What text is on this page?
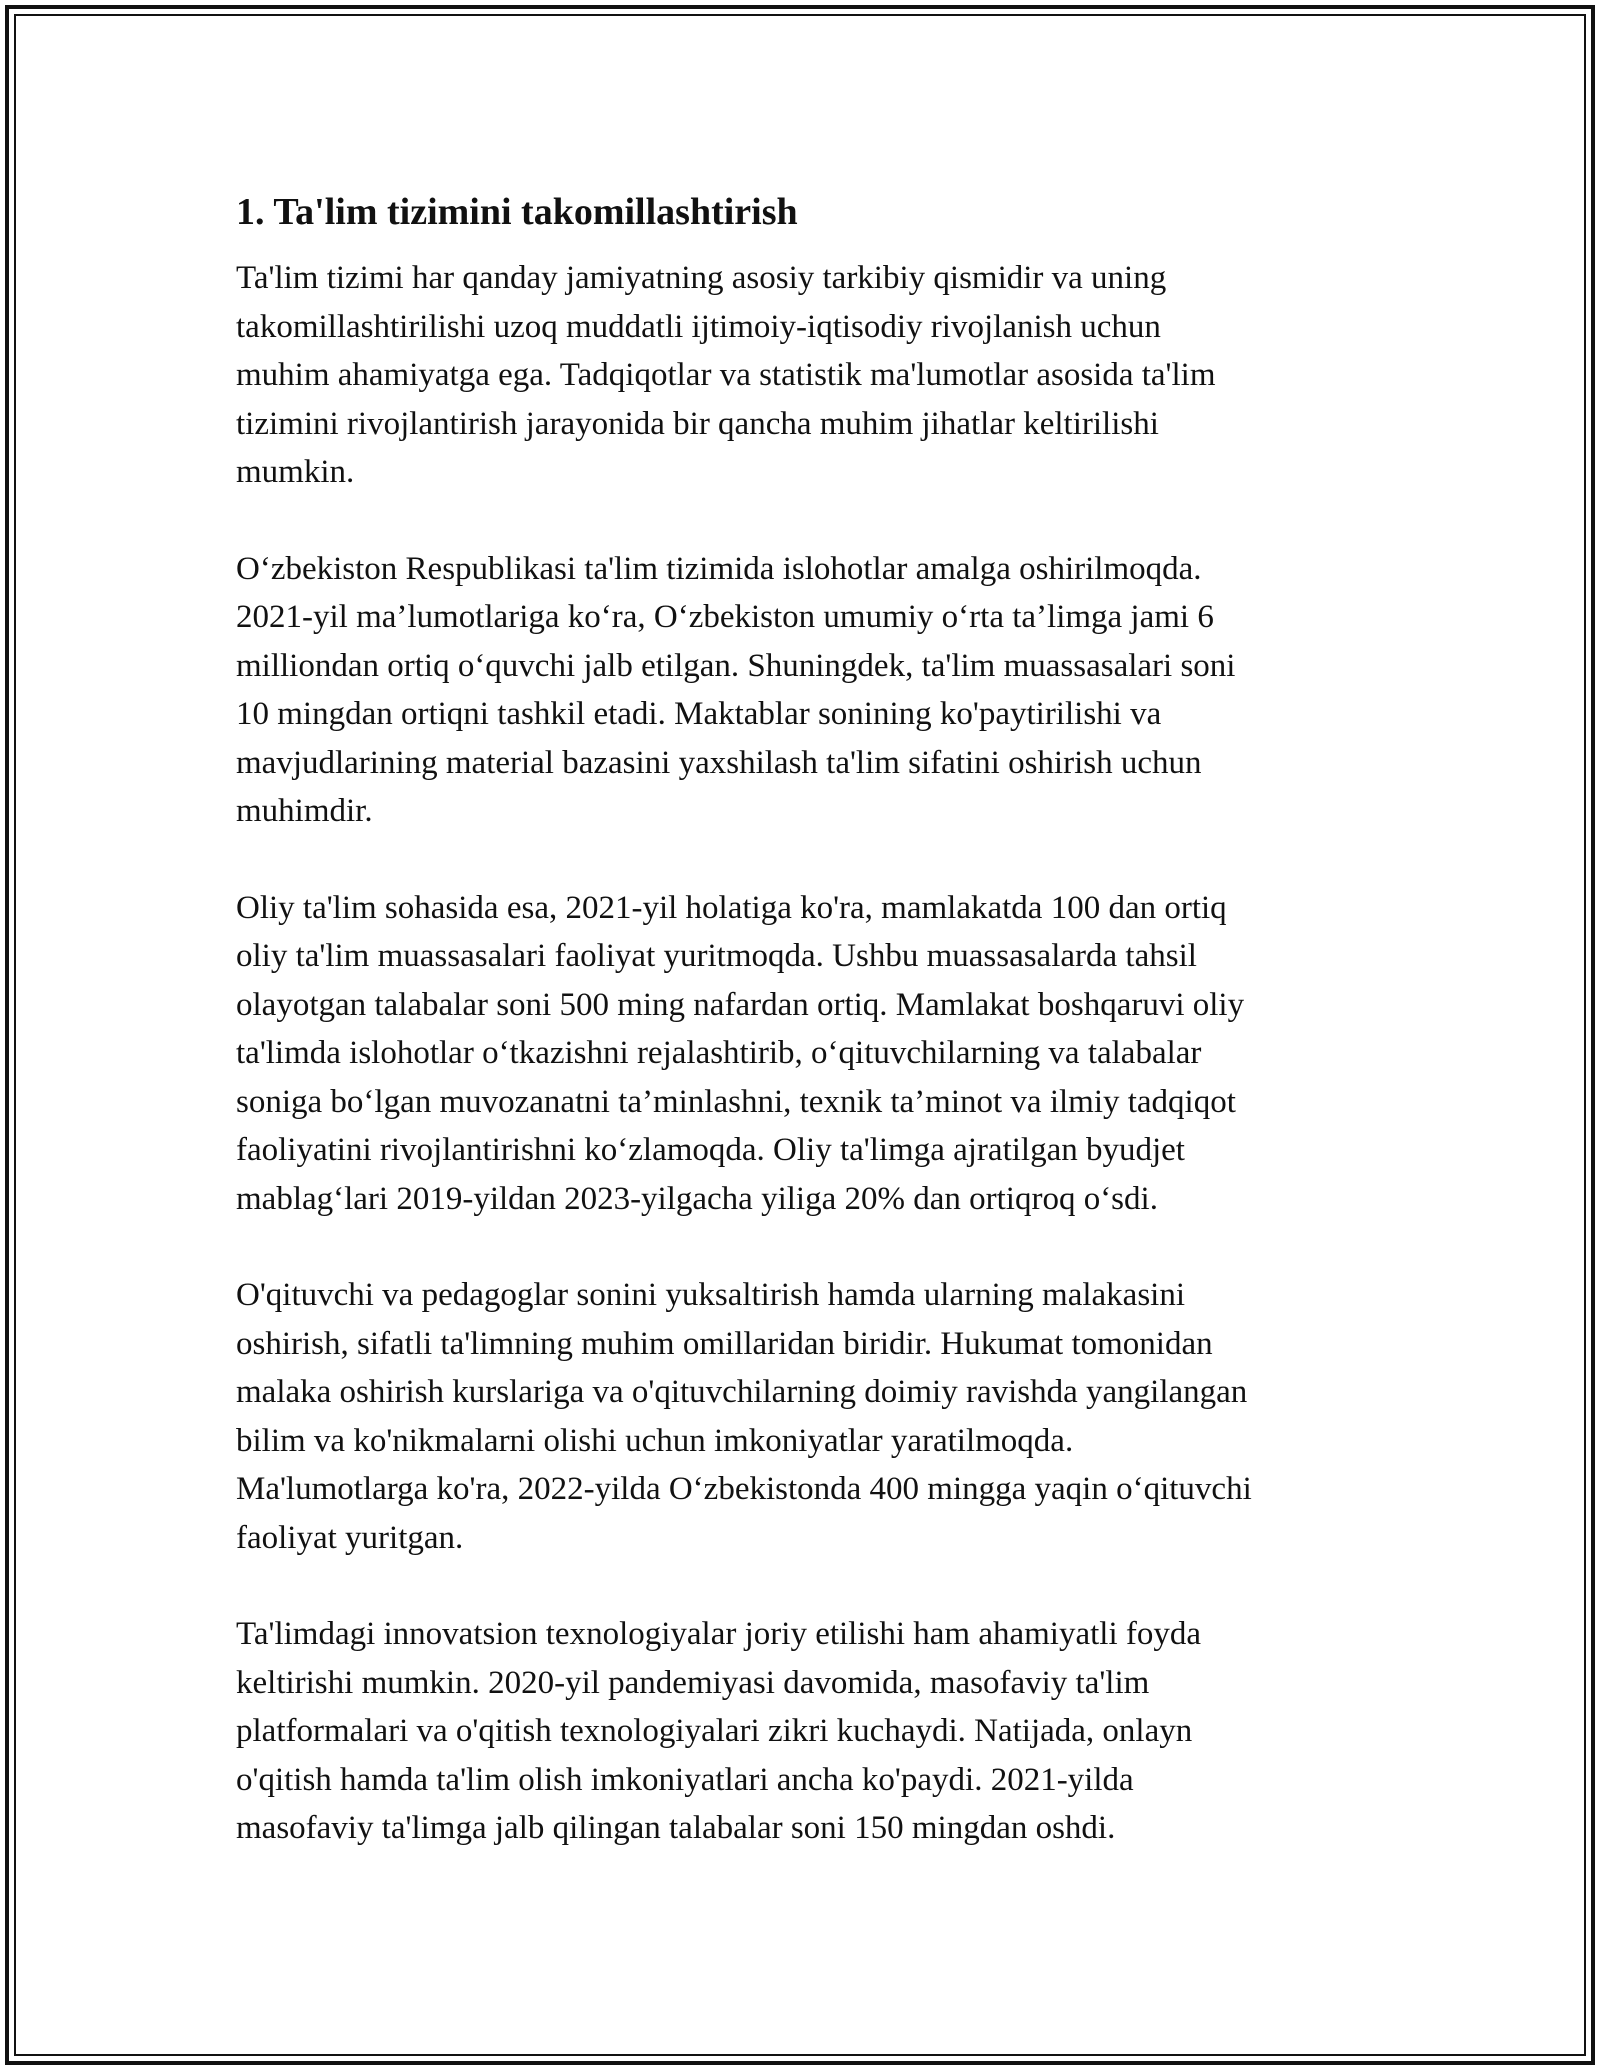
1. Ta'lim tizimini takomillashtirish
Ta'lim tizimi har qanday jamiyatning asosiy tarkibiy qismidir va uning
takomillashtirilishi uzoq muddatli ijtimoiy-iqtisodiy rivojlanish uchun
muhim ahamiyatga ega. Tadqiqotlar va statistik ma'lumotlar asosida ta'lim
tizimini rivojlantirish jarayonida bir qancha muhim jihatlar keltirilishi
mumkin.
O‘zbekiston Respublikasi ta'lim tizimida islohotlar amalga oshirilmoqda.
2021-yil ma’lumotlariga ko‘ra, O‘zbekiston umumiy o‘rta ta’limga jami 6
milliondan ortiq o‘quvchi jalb etilgan. Shuningdek, ta'lim muassasalari soni
10 mingdan ortiqni tashkil etadi. Maktablar sonining ko'paytirilishi va
mavjudlarining material bazasini yaxshilash ta'lim sifatini oshirish uchun
muhimdir.
Oliy ta'lim sohasida esa, 2021-yil holatiga ko'ra, mamlakatda 100 dan ortiq
oliy ta'lim muassasalari faoliyat yuritmoqda. Ushbu muassasalarda tahsil
olayotgan talabalar soni 500 ming nafardan ortiq. Mamlakat boshqaruvi oliy
ta'limda islohotlar o‘tkazishni rejalashtirib, o‘qituvchilarning va talabalar
soniga bo‘lgan muvozanatni ta’minlashni, texnik ta’minot va ilmiy tadqiqot
faoliyatini rivojlantirishni ko‘zlamoqda. Oliy ta'limga ajratilgan byudjet
mablag‘lari 2019-yildan 2023-yilgacha yiliga 20% dan ortiqroq o‘sdi.
O'qituvchi va pedagoglar sonini yuksaltirish hamda ularning malakasini
oshirish, sifatli ta'limning muhim omillaridan biridir. Hukumat tomonidan
malaka oshirish kurslariga va o'qituvchilarning doimiy ravishda yangilangan
bilim va ko'nikmalarni olishi uchun imkoniyatlar yaratilmoqda.
Ma'lumotlarga ko'ra, 2022-yilda O‘zbekistonda 400 mingga yaqin o‘qituvchi
faoliyat yuritgan.
Ta'limdagi innovatsion texnologiyalar joriy etilishi ham ahamiyatli foyda
keltirishi mumkin. 2020-yil pandemiyasi davomida, masofaviy ta'lim
platformalari va o'qitish texnologiyalari zikri kuchaydi. Natijada, onlayn
o'qitish hamda ta'lim olish imkoniyatlari ancha ko'paydi. 2021-yilda
masofaviy ta'limga jalb qilingan talabalar soni 150 mingdan oshdi.
